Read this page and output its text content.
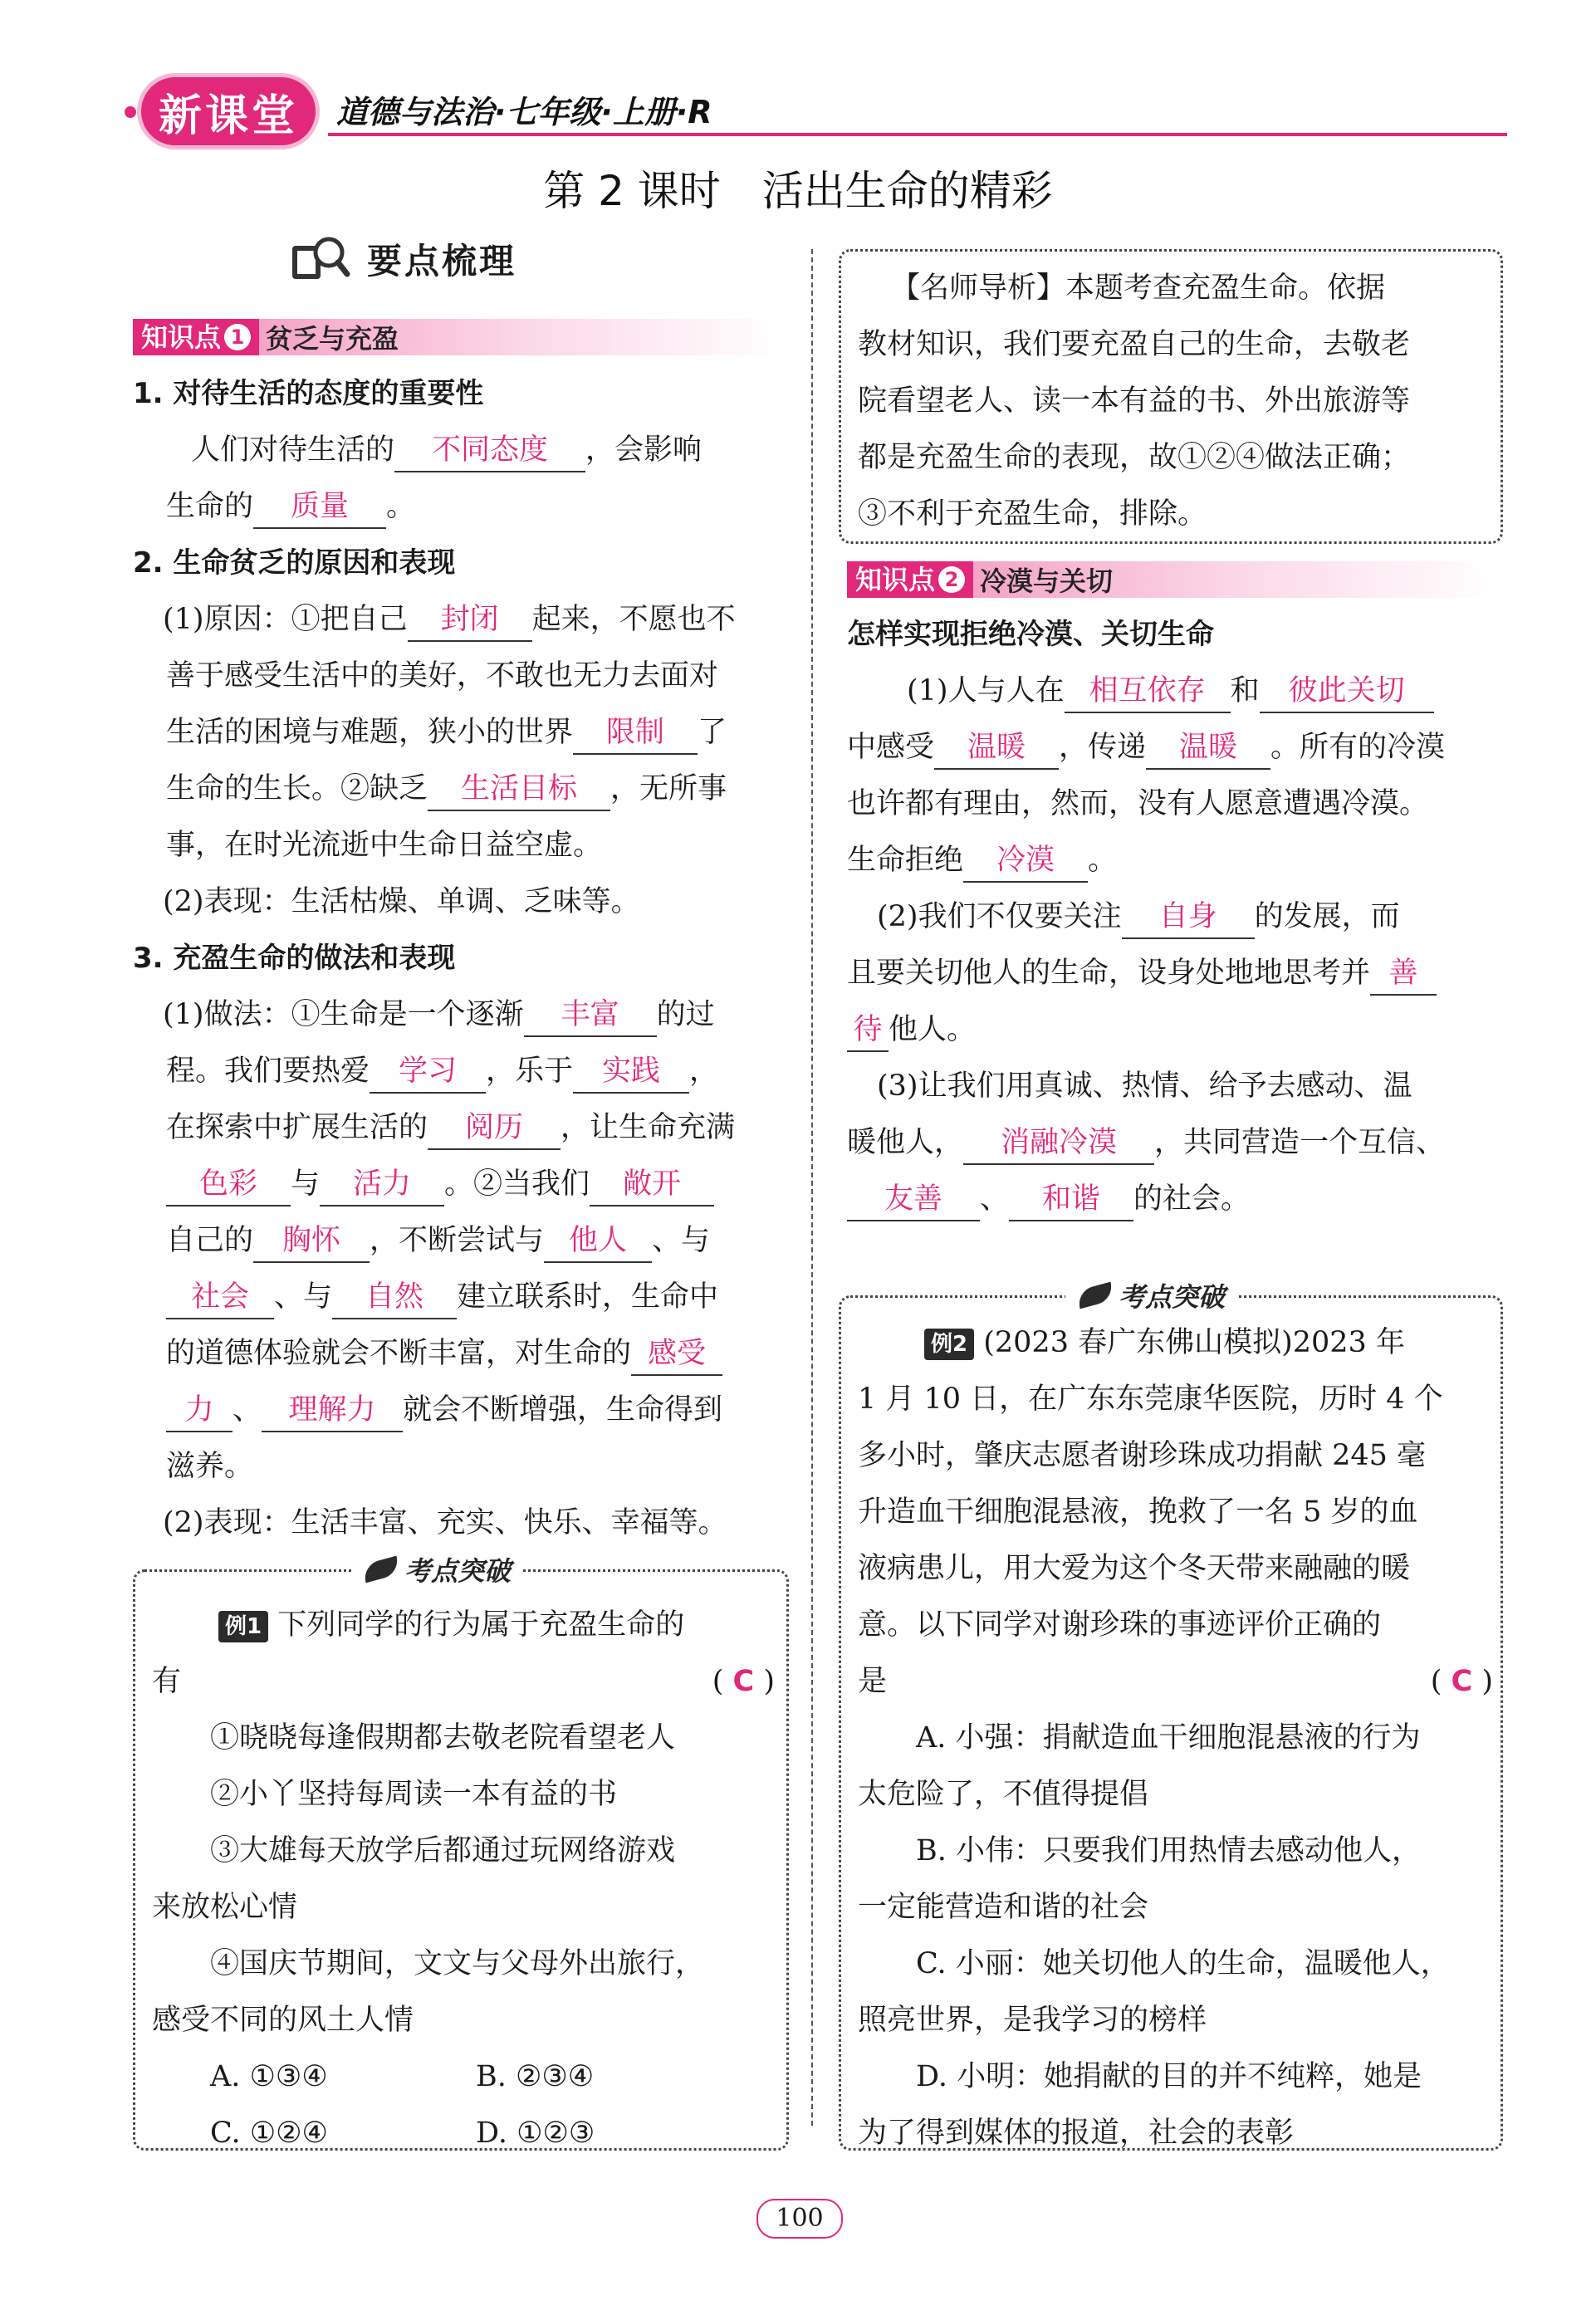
新课堂 道德与法治·七年级·上册·R
第 2 课时　活出生命的精彩
要点梳理
知识点 1 贫乏与充盈
1. 对待生活的态度的重要性
人们对待生活的 不同态度 ，会影响
生命的 质量 。
2. 生命贫乏的原因和表现
(1)原因：①把自己 封闭 起来，不愿也不
善于感受生活中的美好，不敢也无力去面对
生活的困境与难题，狭小的世界 限制 了
生命的生长。②缺乏 生活目标 ，无所事
事，在时光流逝中生命日益空虚。
(2)表现：生活枯燥、单调、乏味等。
3. 充盈生命的做法和表现
(1)做法：①生命是一个逐渐 丰富 的过
程。我们要热爱 学习 ，乐于 实践 ，
在探索中扩展生活的 阅历 ，让生命充满
色彩 与 活力 。②当我们 敞开
自己的 胸怀 ，不断尝试与 他人 、与
社会 、与 自然 建立联系时，生命中
的道德体验就会不断丰富，对生命的 感受
力 、 理解力 就会不断增强，生命得到
滋养。
(2)表现：生活丰富、充实、快乐、幸福等。
考点突破
例1 下列同学的行为属于充盈生命的
有	( C )
①晓晓每逢假期都去敬老院看望老人
②小丫坚持每周读一本有益的书
③大雄每天放学后都通过玩网络游戏
来放松心情
④国庆节期间，文文与父母外出旅行，
感受不同的风土人情
A. ①③④	B. ②③④
C. ①②④	D. ①②③
【名师导析】本题考查充盈生命。依据
教材知识，我们要充盈自己的生命，去敬老
院看望老人、读一本有益的书、外出旅游等
都是充盈生命的表现，故①②④做法正确；
③不利于充盈生命，排除。
知识点 2 冷漠与关切
怎样实现拒绝冷漠、关切生命
(1)人与人在 相互依存 和 彼此关切
中感受 温暖 ，传递 温暖 。所有的冷漠
也许都有理由，然而，没有人愿意遭遇冷漠。
生命拒绝 冷漠 。
(2)我们不仅要关注 自身 的发展，而
且要关切他人的生命，设身处地地思考并 善
待 他人。
(3)让我们用真诚、热情、给予去感动、温
暖他人， 消融冷漠 ，共同营造一个互信、
友善 、 和谐 的社会。
考点突破
例2 (2023 春广东佛山模拟)2023 年
1 月 10 日，在广东东莞康华医院，历时 4 个
多小时，肇庆志愿者谢珍珠成功捐献 245 毫
升造血干细胞混悬液，挽救了一名 5 岁的血
液病患儿，用大爱为这个冬天带来融融的暖
意。以下同学对谢珍珠的事迹评价正确的
是	( C )
A. 小强：捐献造血干细胞混悬液的行为
太危险了，不值得提倡
B. 小伟：只要我们用热情去感动他人，
一定能营造和谐的社会
C. 小丽：她关切他人的生命，温暖他人，
照亮世界，是我学习的榜样
D. 小明：她捐献的目的并不纯粹，她是
为了得到媒体的报道，社会的表彰
100
